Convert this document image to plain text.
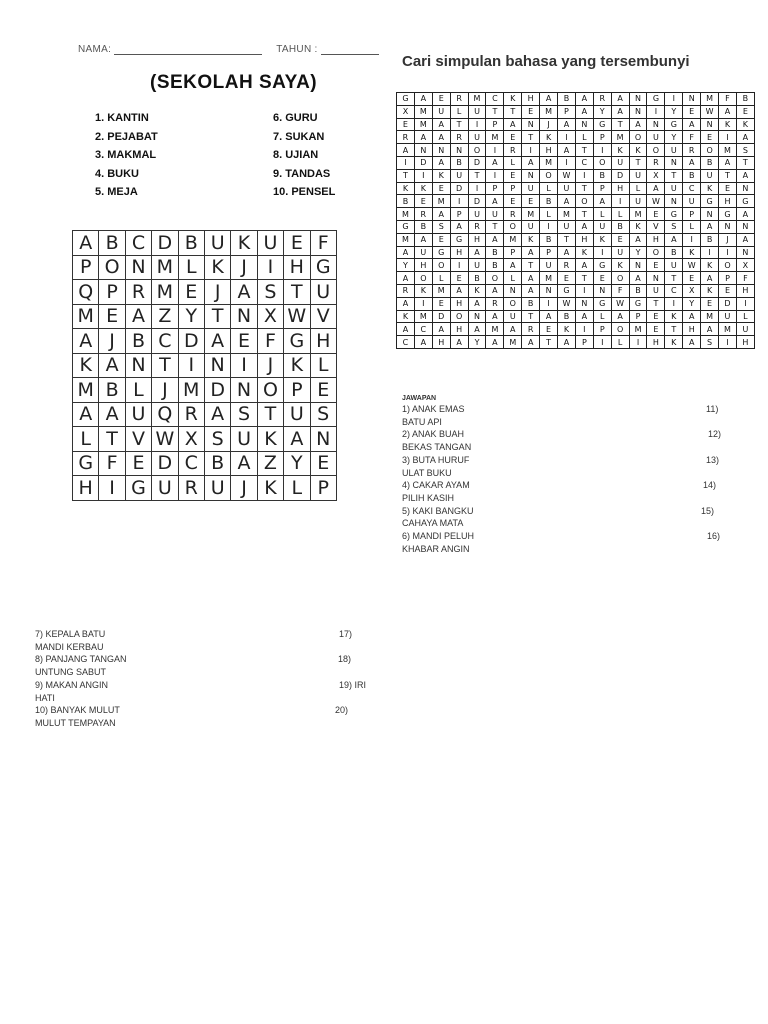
NAMA:	TAHUN :
(SEKOLAH SAYA)
1. KANTIN
2. PEJABAT
3. MAKMAL
4. BUKU
5. MEJA
6. GURU
7. SUKAN
8. UJIAN
9. TANDAS
10. PENSEL
A	B	C	D	B	U	K	U	E	F
P	O	N	M	L	K	J	I	H	G
Q	P	R	M	E	J	A	S	T	U
M	E	A	Z	Y	T	N	X	W	V
A	J	B	C	D	A	E	F	G	H
K	A	N	T	I	N	I	J	K	L
M	B	L	J	M	D	N	O	P	E
A	A	U	Q	R	A	S	T	U	S
L	T	V	W	X	S	U	K	A	N
G	F	E	D	C	B	A	Z	Y	E
H	I	G	U	R	U	J	K	L	P
Cari simpulan bahasa yang tersembunyi
G	A	E	R	M	C	K	H	A	B	A	R	A	N	G	I	N	M	F	B
X	M	U	L	U	T	T	E	M	P	A	Y	A	N	I	Y	E	W	A	E
E	M	A	T	I	P	A	N	J	A	N	G	T	A	N	G	A	N	K	K
R	A	A	R	U	M	E	T	K	I	L	P	M	O	U	Y	F	E	I	A
A	N	N	N	O	I	R	I	H	A	T	I	K	K	O	U	R	O	M	S
I	D	A	B	D	A	L	A	M	I	C	O	U	T	R	N	A	B	A	T
T	I	K	U	T	I	E	N	O	W	I	B	D	U	X	T	B	U	T	A
K	K	E	D	I	P	P	U	L	U	T	P	H	L	A	U	C	K	E	N
B	E	M	I	D	A	E	E	B	A	O	A	I	U	W	N	U	G	H	G
M	R	A	P	U	U	R	M	L	M	T	L	L	M	E	G	P	N	G	A
G	B	S	A	R	T	O	U	I	U	A	U	B	K	V	S	L	A	N	N
M	A	E	G	H	A	M	K	B	T	H	K	E	A	H	A	I	B	J	A
A	U	G	H	A	B	P	A	P	A	K	I	U	Y	O	B	K	I	I	N
Y	H	O	I	U	B	A	T	U	R	A	G	K	N	E	U	W	K	O	X
A	O	L	E	B	O	L	A	M	E	T	E	O	A	N	T	E	A	P	F
R	K	M	A	K	A	N	A	N	G	I	N	F	B	U	C	X	K	E	H
A	I	E	H	A	R	O	B	I	W	N	G	W	G	T	I	Y	E	D	I
K	M	D	O	N	A	U	T	A	B	A	L	A	P	E	K	A	M	U	L
A	C	A	H	A	M	A	R	E	K	I	P	O	M	E	T	H	A	M	U
C	A	H	A	Y	A	M	A	T	A	P	I	L	I	H	K	A	S	I	H
JAWAPAN
1) ANAK EMAS	11)
BATU API
2) ANAK BUAH	12)
BEKAS TANGAN
3) BUTA HURUF	13)
ULAT BUKU
4) CAKAR AYAM	14)
PILIH KASIH
5) KAKI BANGKU	15)
CAHAYA MATA
6) MANDI PELUH	16)
KHABAR ANGIN
7) KEPALA BATU	17)
MANDI KERBAU
8) PANJANG TANGAN	18)
UNTUNG SABUT
9) MAKAN ANGIN	19) IRI
HATI
10) BANYAK MULUT	20)
MULUT TEMPAYAN
